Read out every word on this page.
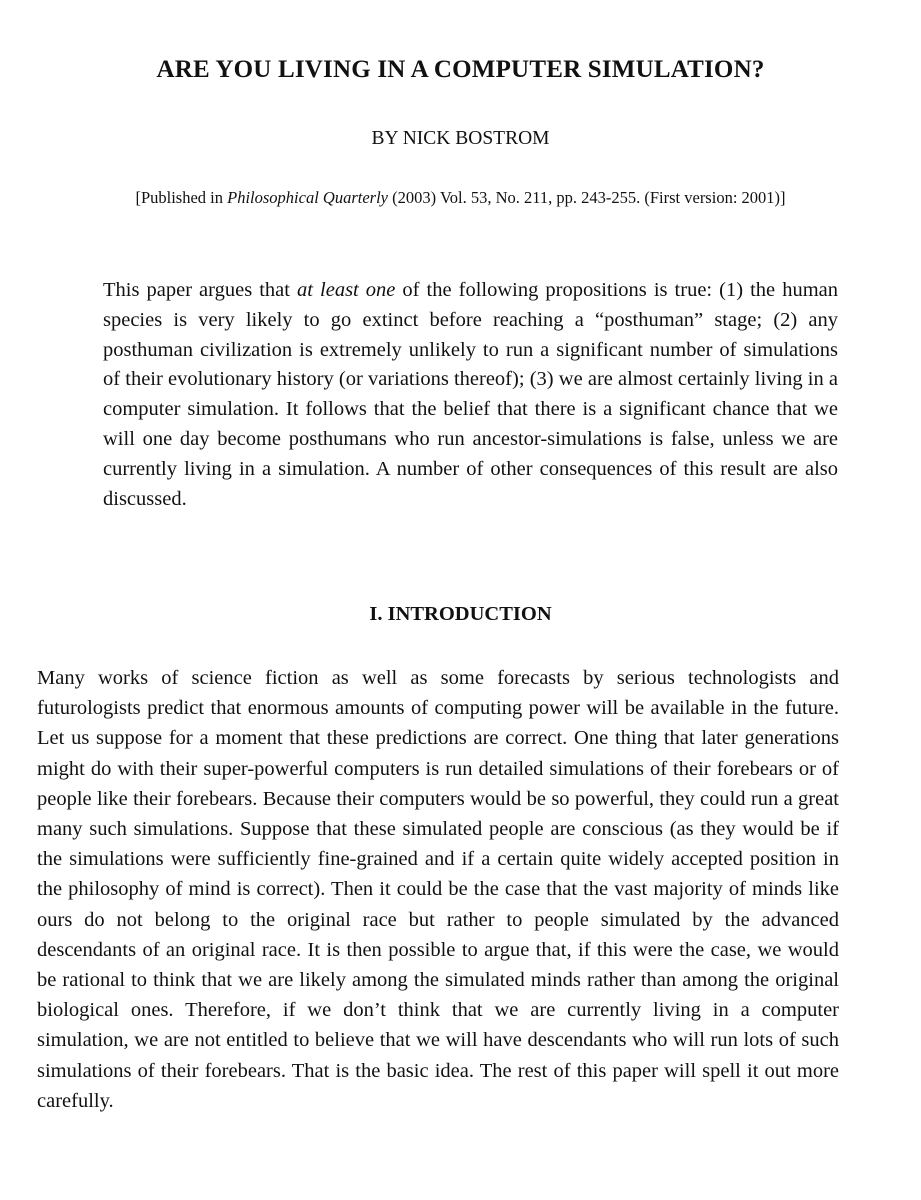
ARE YOU LIVING IN A COMPUTER SIMULATION?

BY NICK BOSTROM

[Published in Philosophical Quarterly (2003) Vol. 53, No. 211, pp. 243-255. (First version: 2001)]

This paper argues that at least one of the following propositions is true: (1) the human species is very likely to go extinct before reaching a “posthuman” stage; (2) any posthuman civilization is extremely unlikely to run a significant number of simulations of their evolutionary history (or variations thereof); (3) we are almost certainly living in a computer simulation. It follows that the belief that there is a significant chance that we will one day become posthumans who run ancestor-simulations is false, unless we are currently living in a simulation. A number of other consequences of this result are also discussed.

I. INTRODUCTION

Many works of science fiction as well as some forecasts by serious technologists and futurologists predict that enormous amounts of computing power will be available in the future. Let us suppose for a moment that these predictions are correct. One thing that later generations might do with their super-powerful computers is run detailed simulations of their forebears or of people like their forebears. Because their computers would be so powerful, they could run a great many such simulations. Suppose that these simulated people are conscious (as they would be if the simulations were sufficiently fine-grained and if a certain quite widely accepted position in the philosophy of mind is correct). Then it could be the case that the vast majority of minds like ours do not belong to the original race but rather to people simulated by the advanced descendants of an original race. It is then possible to argue that, if this were the case, we would be rational to think that we are likely among the simulated minds rather than among the original biological ones. Therefore, if we don’t think that we are currently living in a computer simulation, we are not entitled to believe that we will have descendants who will run lots of such simulations of their forebears. That is the basic idea. The rest of this paper will spell it out more carefully.
